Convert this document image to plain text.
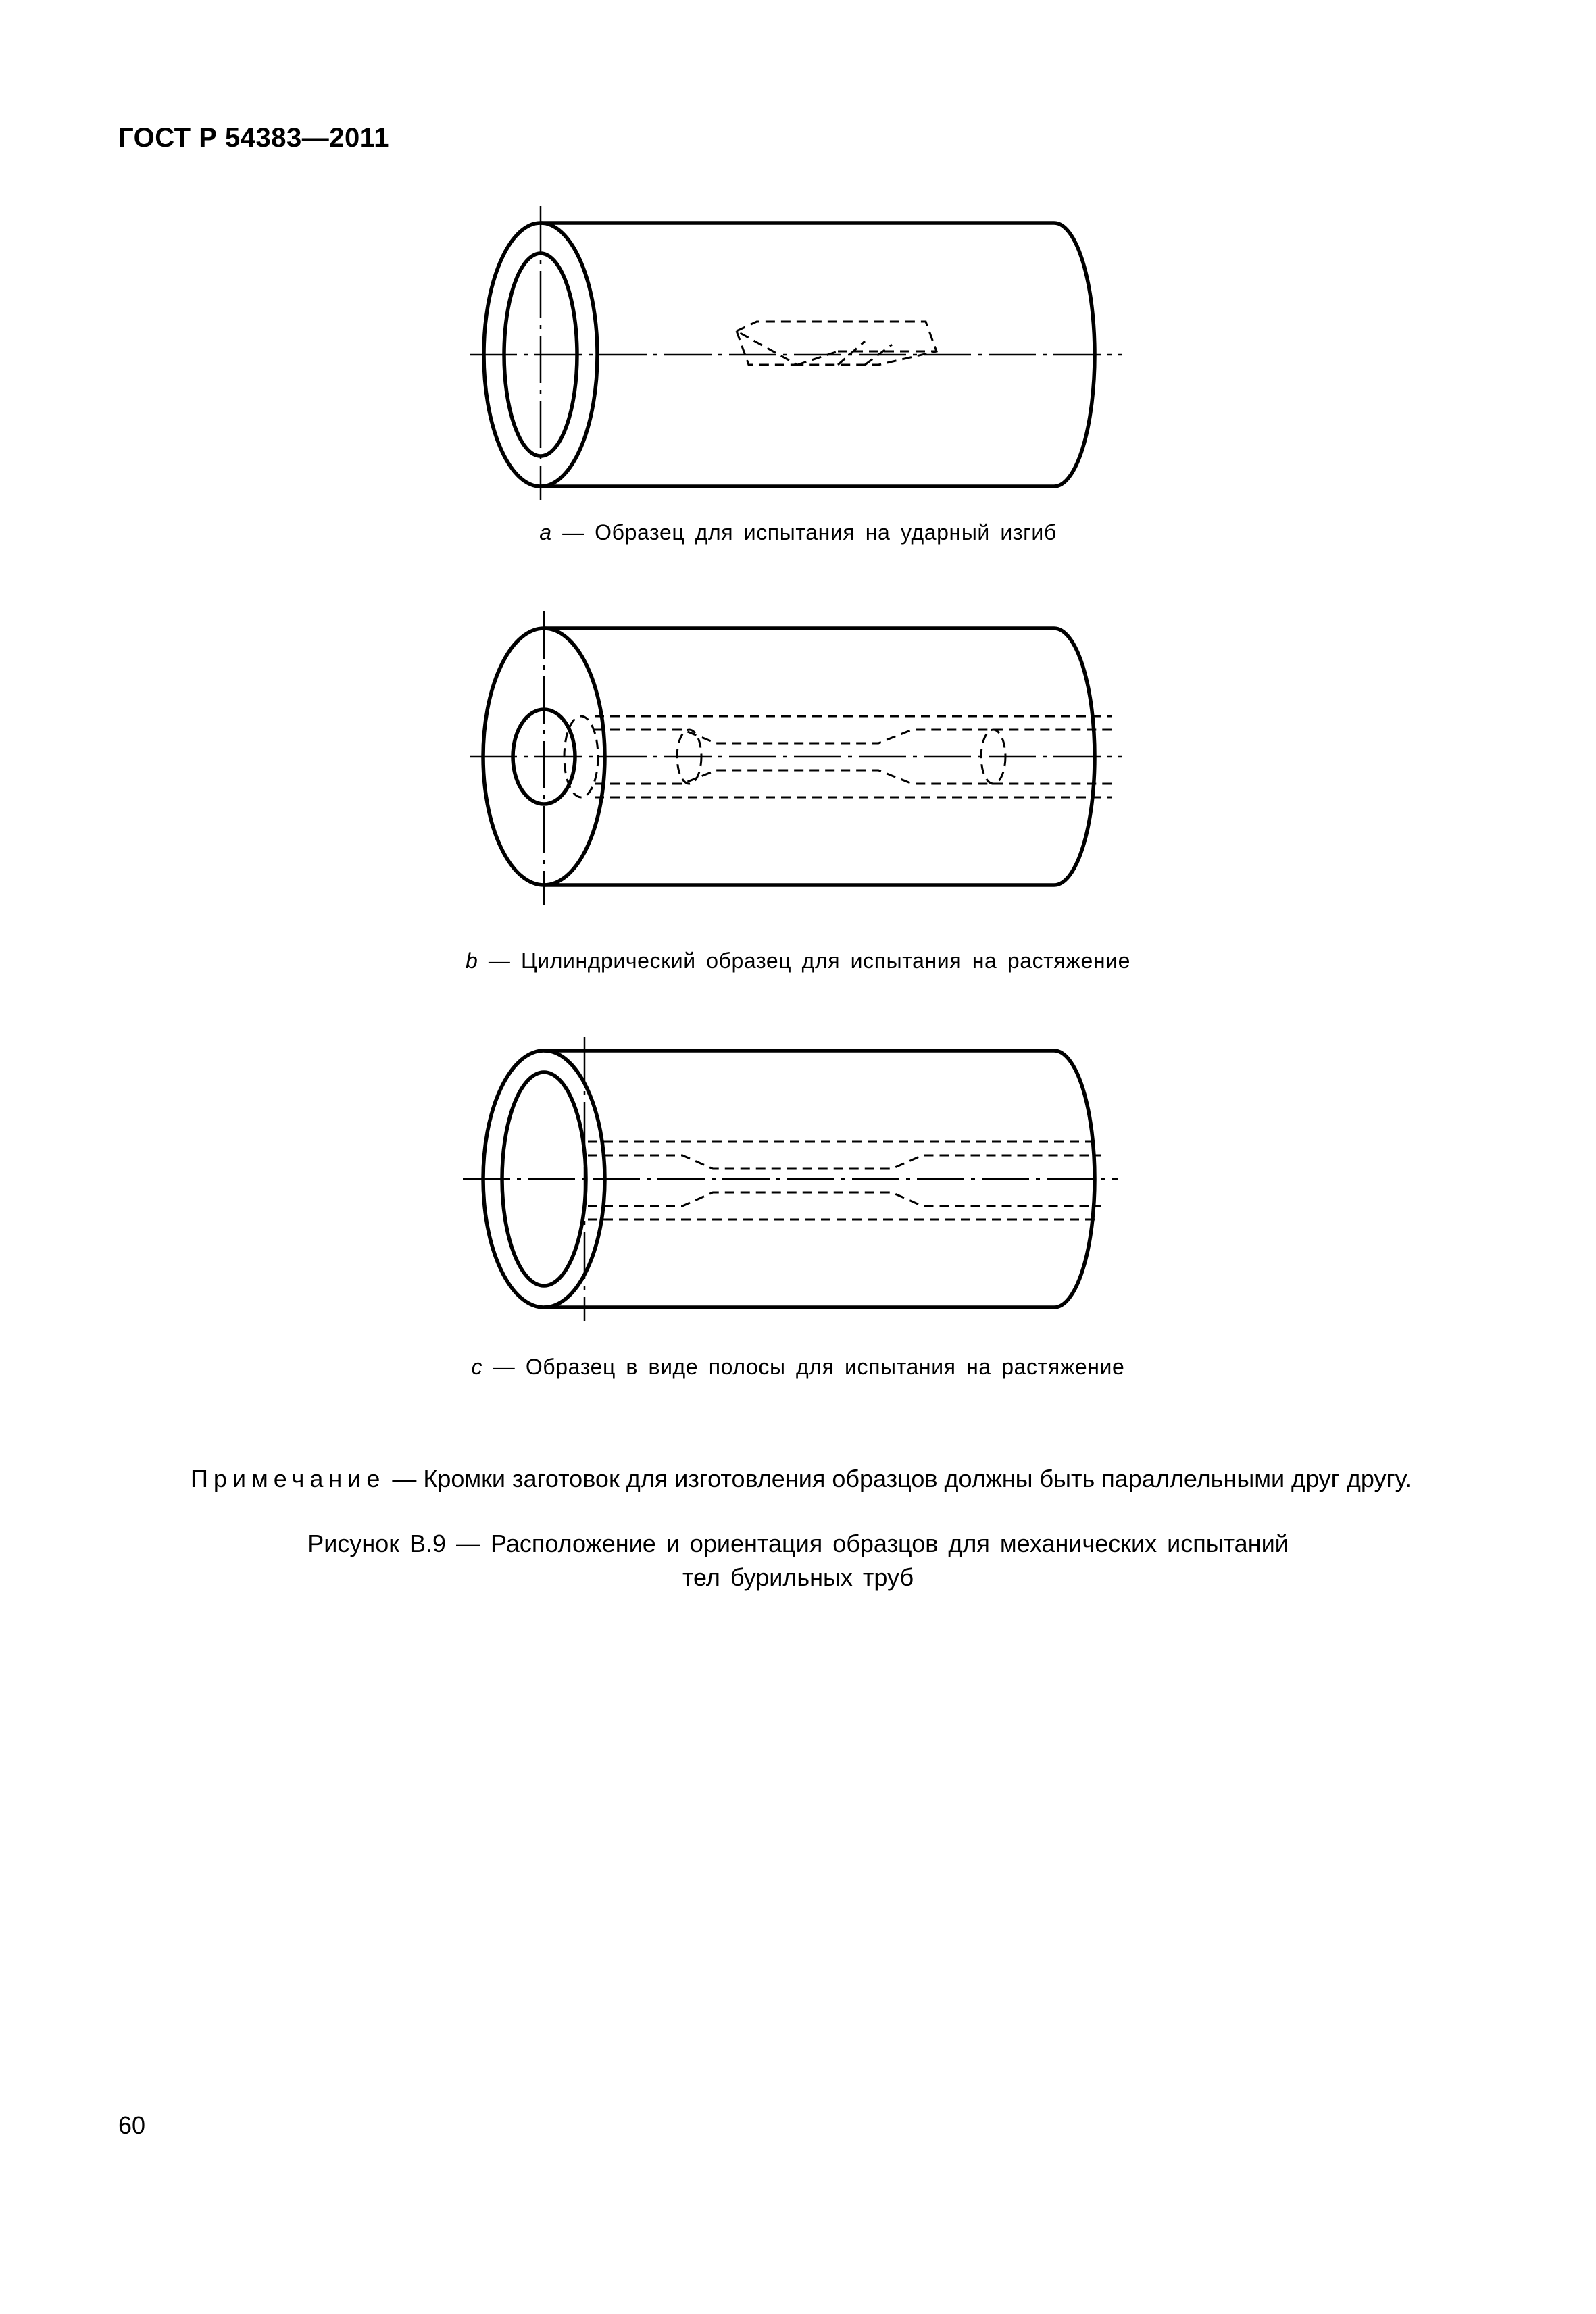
ГОСТ Р 54383—2011
a — Образец для испытания на ударный изгиб
b — Цилиндрический образец для испытания на растяжение
c — Образец в виде полосы для испытания на растяжение
Примечание — Кромки заготовок для изготовления образцов должны быть параллельными друг другу.
Рисунок B.9 — Расположение и ориентация образцов для механических испытаний
тел бурильных труб
60
